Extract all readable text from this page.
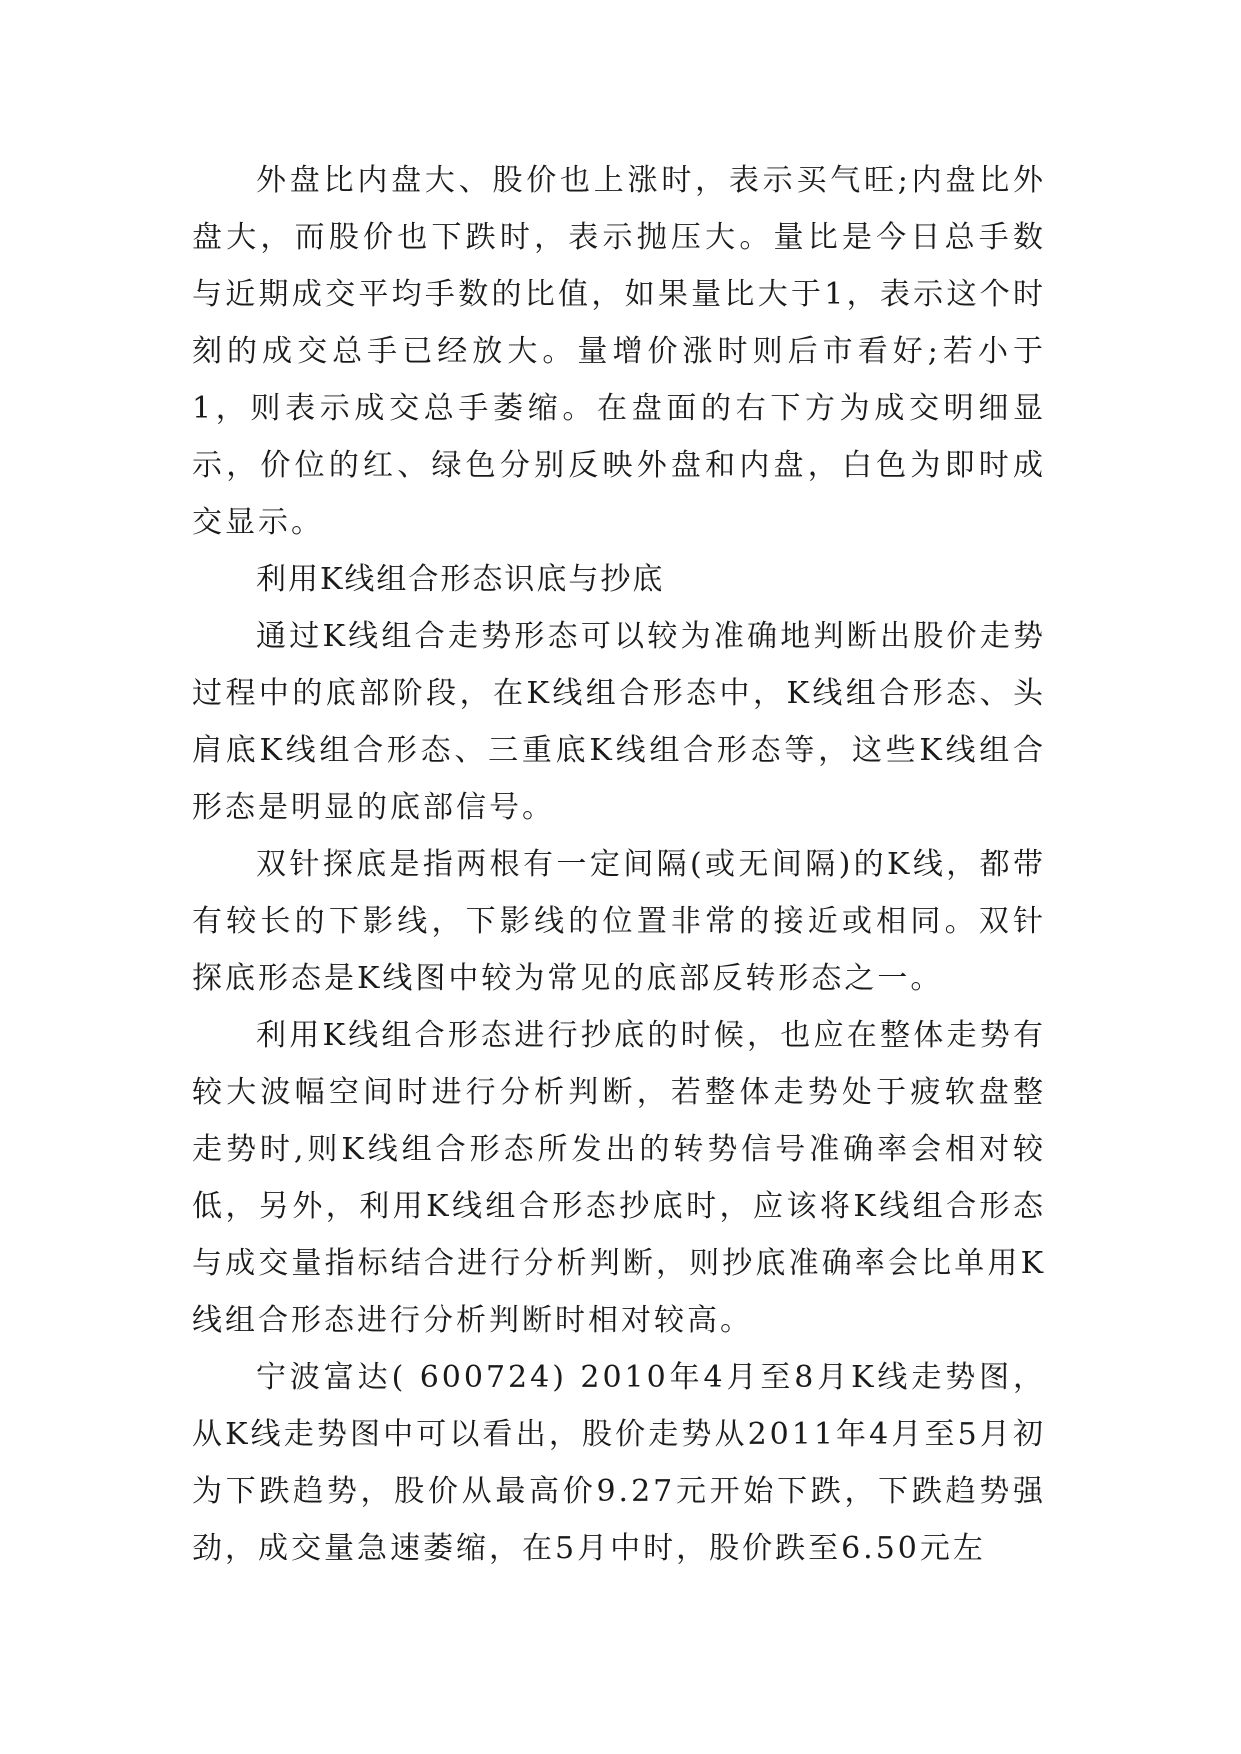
外盘比内盘大、股价也上涨时，表示买气旺;内盘比外盘大，而股价也下跌时，表示抛压大。量比是今日总手数与近期成交平均手数的比值，如果量比大于1，表示这个时刻的成交总手已经放大。量增价涨时则后市看好;若小于1，则表示成交总手萎缩。在盘面的右下方为成交明细显示，价位的红、绿色分别反映外盘和内盘，白色为即时成交显示。

利用K线组合形态识底与抄底

通过K线组合走势形态可以较为准确地判断出股价走势过程中的底部阶段，在K线组合形态中，K线组合形态、头肩底K线组合形态、三重底K线组合形态等，这些K线组合形态是明显的底部信号。

双针探底是指两根有一定间隔(或无间隔)的K线，都带有较长的下影线，下影线的位置非常的接近或相同。双针探底形态是K线图中较为常见的底部反转形态之一。

利用K线组合形态进行抄底的时候，也应在整体走势有较大波幅空间时进行分析判断，若整体走势处于疲软盘整走势时,则K线组合形态所发出的转势信号准确率会相对较低，另外，利用K线组合形态抄底时，应该将K线组合形态与成交量指标结合进行分析判断，则抄底准确率会比单用K线组合形态进行分析判断时相对较高。

宁波富达( 600724) 2010年4月至8月K线走势图，从K线走势图中可以看出，股价走势从2011年4月至5月初为下跌趋势，股价从最高价9.27元开始下跌，下跌趋势强劲，成交量急速萎缩，在5月中时，股价跌至6.50元左
